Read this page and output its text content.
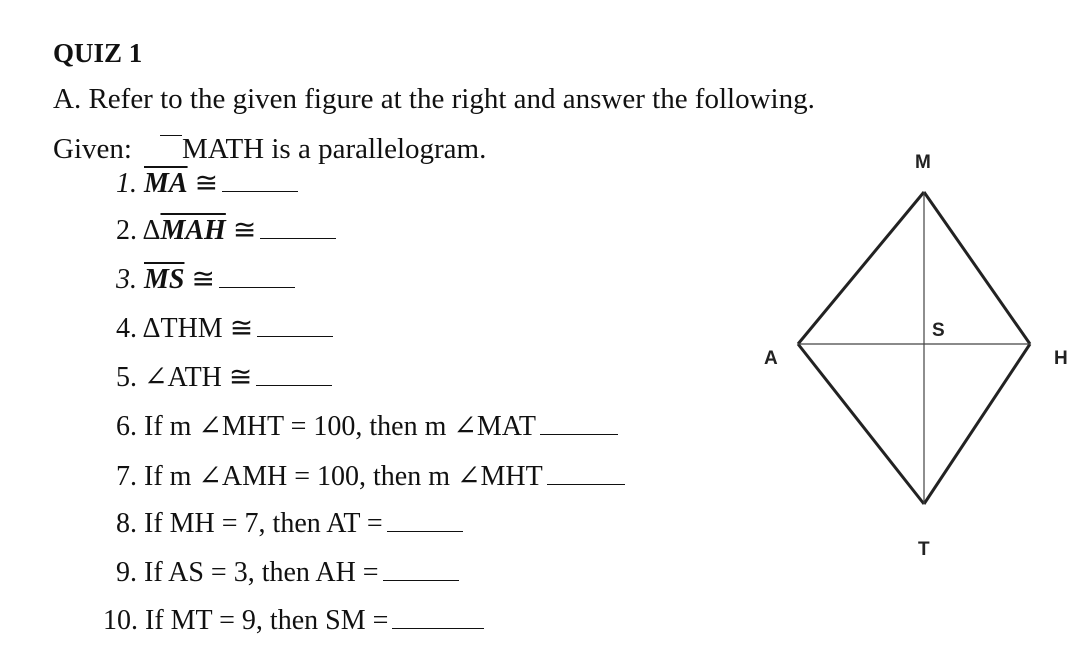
QUIZ 1
A. Refer to the given figure at the right and answer the following.
Given: MATH is a parallelogram.
1. $\overline{MA}$ ≅
2. $\Delta\overline{MAH}$ ≅
3. $\overline{MS}$ ≅
4. ΔTHM ≅
5. ∠ATH ≅
6. If m ∠MHT = 100, then m ∠MAT
7. If m ∠AMH = 100, then m ∠MHT
8. If MH = 7, then AT =
9. If AS = 3, then AH =
10. If MT = 9, then SM =
M
A	H
T
S
